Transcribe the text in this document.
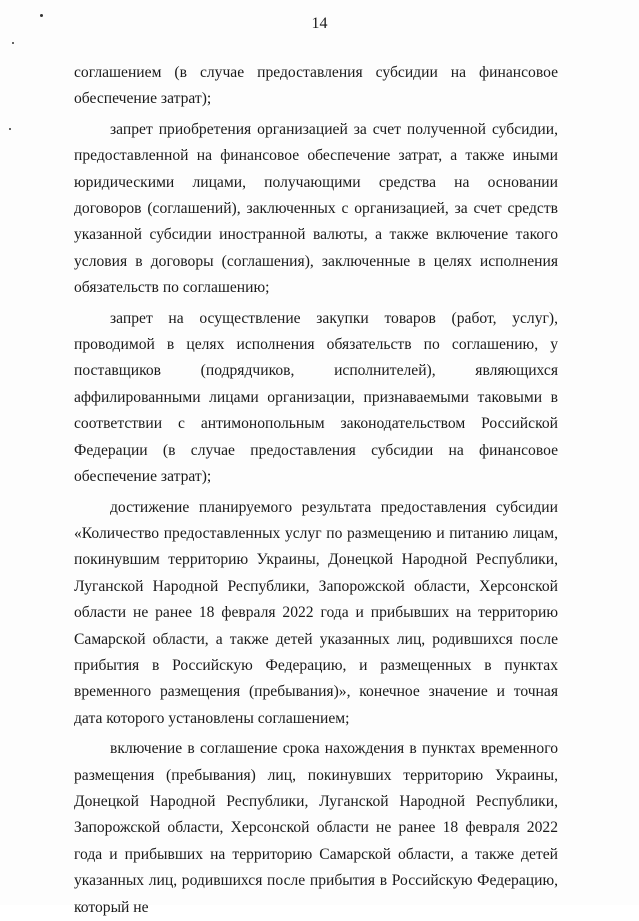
14

соглашением (в случае предоставления субсидии на финансовое обеспечение затрат);

запрет приобретения организацией за счет полученной субсидии, предоставленной на финансовое обеспечение затрат, а также иными юридическими лицами, получающими средства на основании договоров (соглашений), заключенных с организацией, за счет средств указанной субсидии иностранной валюты, а также включение такого условия в договоры (соглашения), заключенные в целях исполнения обязательств по соглашению;

запрет на осуществление закупки товаров (работ, услуг), проводимой в целях исполнения обязательств по соглашению, у поставщиков (подрядчиков, исполнителей), являющихся аффилированными лицами организации, признаваемыми таковыми в соответствии с антимонопольным законодательством Российской Федерации (в случае предоставления субсидии на финансовое обеспечение затрат);

достижение планируемого результата предоставления субсидии «Количество предоставленных услуг по размещению и питанию лицам, покинувшим территорию Украины, Донецкой Народной Республики, Луганской Народной Республики, Запорожской области, Херсонской области не ранее 18 февраля 2022 года и прибывших на территорию Самарской области, а также детей указанных лиц, родившихся после прибытия в Российскую Федерацию, и размещенных в пунктах временного размещения (пребывания)», конечное значение и точная дата которого установлены соглашением;

включение в соглашение срока нахождения в пунктах временного размещения (пребывания) лиц, покинувших территорию Украины, Донецкой Народной Республики, Луганской Народной Республики, Запорожской области, Херсонской области не ранее 18 февраля 2022 года и прибывших на территорию Самарской области, а также детей указанных лиц, родившихся после прибытия в Российскую Федерацию, который не
